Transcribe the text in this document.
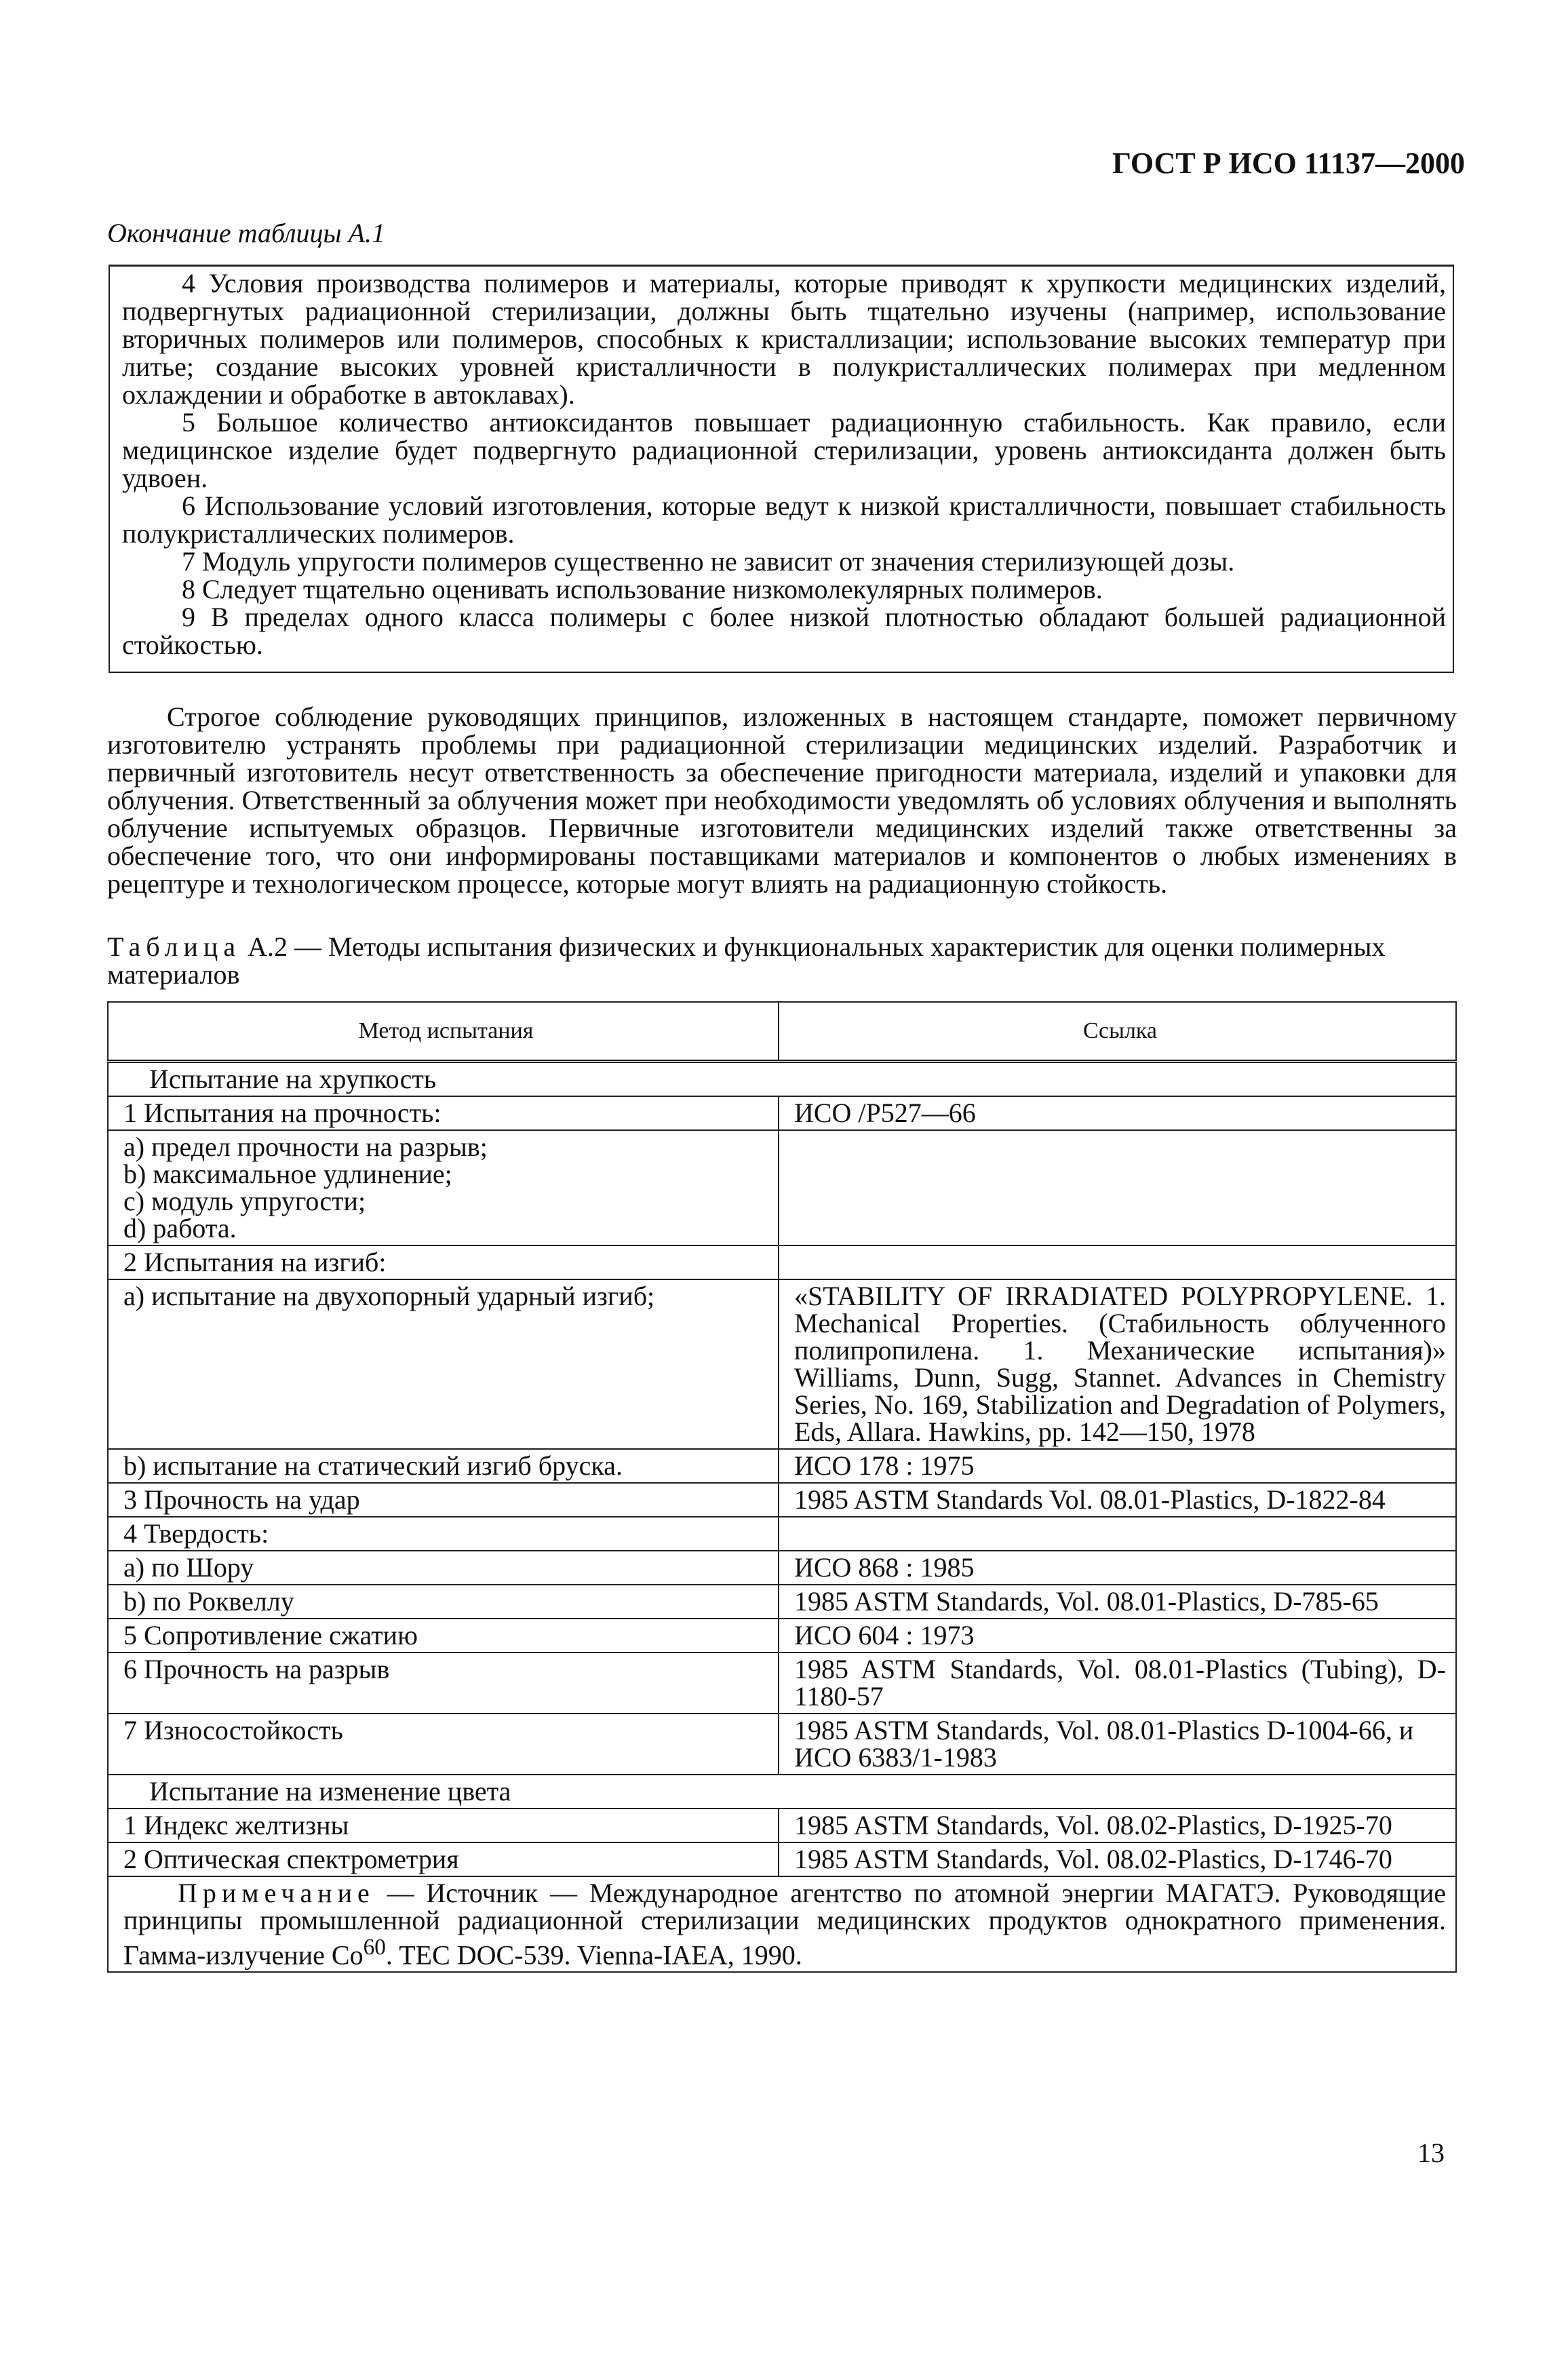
ГОСТ Р ИСО 11137—2000
Окончание таблицы А.1

4 Условия производства полимеров и материалы, которые приводят к хрупкости медицинских изделий, подвергнутых радиационной стерилизации, должны быть тщательно изучены (например, использование вторичных полимеров или полимеров, способных к кристаллизации; использование высоких температур при литье; создание высоких уровней кристалличности в полукристаллических полимерах при медленном охлаждении и обработке в автоклавах).

5 Большое количество антиоксидантов повышает радиационную стабильность. Как правило, если медицинское изделие будет подвергнуто радиационной стерилизации, уровень антиоксиданта должен быть удвоен.

6 Использование условий изготовления, которые ведут к низкой кристалличности, повышает стабильность полукристаллических полимеров.

7 Модуль упругости полимеров существенно не зависит от значения стерилизующей дозы.

8 Следует тщательно оценивать использование низкомолекулярных полимеров.

9 В пределах одного класса полимеры с более низкой плотностью обладают большей радиационной стойкостью.

Строгое соблюдение руководящих принципов, изложенных в настоящем стандарте, поможет первичному изготовителю устранять проблемы при радиационной стерилизации медицинских изделий. Разработчик и первичный изготовитель несут ответственность за обеспечение пригодности материала, изделий и упаковки для облучения. Ответственный за облучения может при необходимости уведомлять об условиях облучения и выполнять облучение испытуемых образцов. Первичные изготовители медицинских изделий также ответственны за обеспечение того, что они информированы поставщиками материалов и компонентов о любых изменениях в рецептуре и технологическом процессе, которые могут влиять на радиационную стойкость.

Таблица А.2 — Методы испытания физических и функциональных характеристик для оценки полимерных материалов
Метод испытания	Ссылка
Испытание на хрупкость	
1 Испытания на прочность:	ИСО /Р527—66

a) предел прочности на разрыв;
b) максимальное удлинение;
c) модуль упругости;
d) работа.	

2 Испытания на изгиб:	
a) испытание на двухопорный ударный изгиб;	«STABILITY OF IRRADIATED POLYPROPYLENE. 1. Mechanical Properties. (Стабильность облученного полипропилена. 1. Механические испытания)» Williams, Dunn, Sugg, Stannet. Advances in Chemistry Series, No. 169, Stabilization and Degradation of Polymers, Eds, Allara. Hawkins, pp. 142—150, 1978
b) испытание на статический изгиб бруска.	ИСО 178 : 1975
3 Прочность на удар	1985 ASTM Standards Vol. 08.01-Plastics, D-1822-84
4 Твердость:	
a) по Шору	ИСО 868 : 1985
b) по Роквеллу	1985 ASTM Standards, Vol. 08.01-Plastics, D-785-65
5 Сопротивление сжатию	ИСО 604 : 1973
6 Прочность на разрыв	1985 ASTM Standards, Vol. 08.01-Plastics (Tubing), D-1180-57
7 Износостойкость	1985 ASTM Standards, Vol. 08.01-Plastics D-1004-66, и ИСО 6383/1-1983
Испытание на изменение цвета	
1 Индекс желтизны	1985 ASTM Standards, Vol. 08.02-Plastics, D-1925-70
2 Оптическая спектрометрия	1985 ASTM Standards, Vol. 08.02-Plastics, D-1746-70
Примечание — Источник — Международное агентство по атомной энергии МАГАТЭ. Руководящие принципы промышленной радиационной стерилизации медицинских продуктов однократного применения. Гамма-излучение Co$^{60}$. TEC DOC-539. Vienna-IAEA, 1990.	
13
